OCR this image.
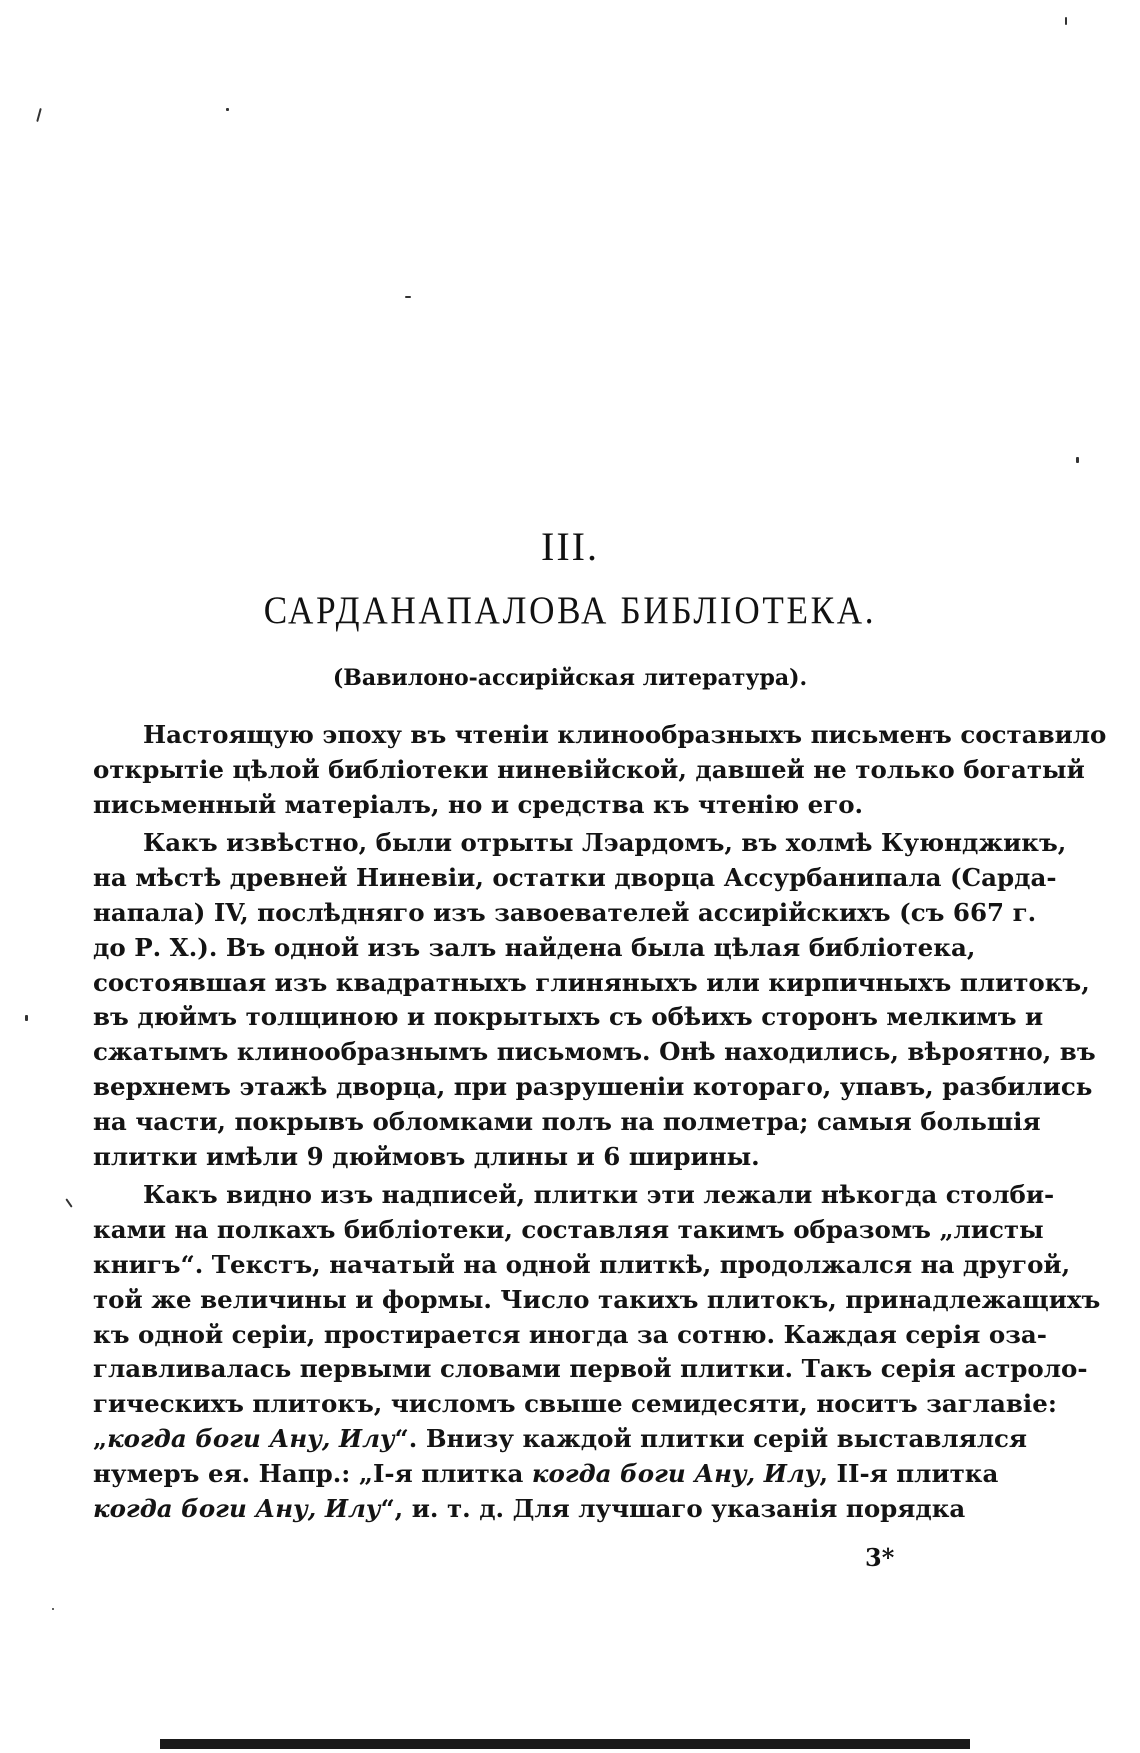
III.
САРДАНАПАЛОВА БИБЛІОТЕКА.
(Вавилоно-ассирійская литература).
Настоящую эпоху въ чтеніи клинообразныхъ письменъ составило
открытіе цѣлой библіотеки ниневійской, давшей не только богатый
письменный матеріалъ, но и средства къ чтенію его.
Какъ извѣстно, были отрыты Лэардомъ, въ холмѣ Куюнджикъ,
на мѣстѣ древней Ниневіи, остатки дворца Ассурбанипала (Сарда-
напала) IV, послѣдняго изъ завоевателей ассирійскихъ (съ 667 г.
до Р. X.). Въ одной изъ залъ найдена была цѣлая библіотека,
состоявшая изъ квадратныхъ глиняныхъ или кирпичныхъ плитокъ,
въ дюймъ толщиною и покрытыхъ съ обѣихъ сторонъ мелкимъ и
сжатымъ клинообразнымъ письмомъ. Онѣ находились, вѣроятно, въ
верхнемъ этажѣ дворца, при разрушеніи котораго, упавъ, разбились
на части, покрывъ обломками полъ на полметра; самыя большія
плитки имѣли 9 дюймовъ длины и 6 ширины.
Какъ видно изъ надписей, плитки эти лежали нѣкогда столби-
ками на полкахъ библіотеки, составляя такимъ образомъ „листы
книгъ“. Текстъ, начатый на одной плиткѣ, продолжался на другой,
той же величины и формы. Число такихъ плитокъ, принадлежащихъ
къ одной серіи, простирается иногда за сотню. Каждая серія оза-
главливалась первыми словами первой плитки. Такъ серія астроло-
гическихъ плитокъ, числомъ свыше семидесяти, носитъ заглавіе:
„когда боги Ану, Илу“. Внизу каждой плитки серій выставлялся
нумеръ ея. Напр.: „І-я плитка когда боги Ану, Илу, II-я плитка
когда боги Ану, Илу“, и. т. д. Для лучшаго указанія порядка
3*
